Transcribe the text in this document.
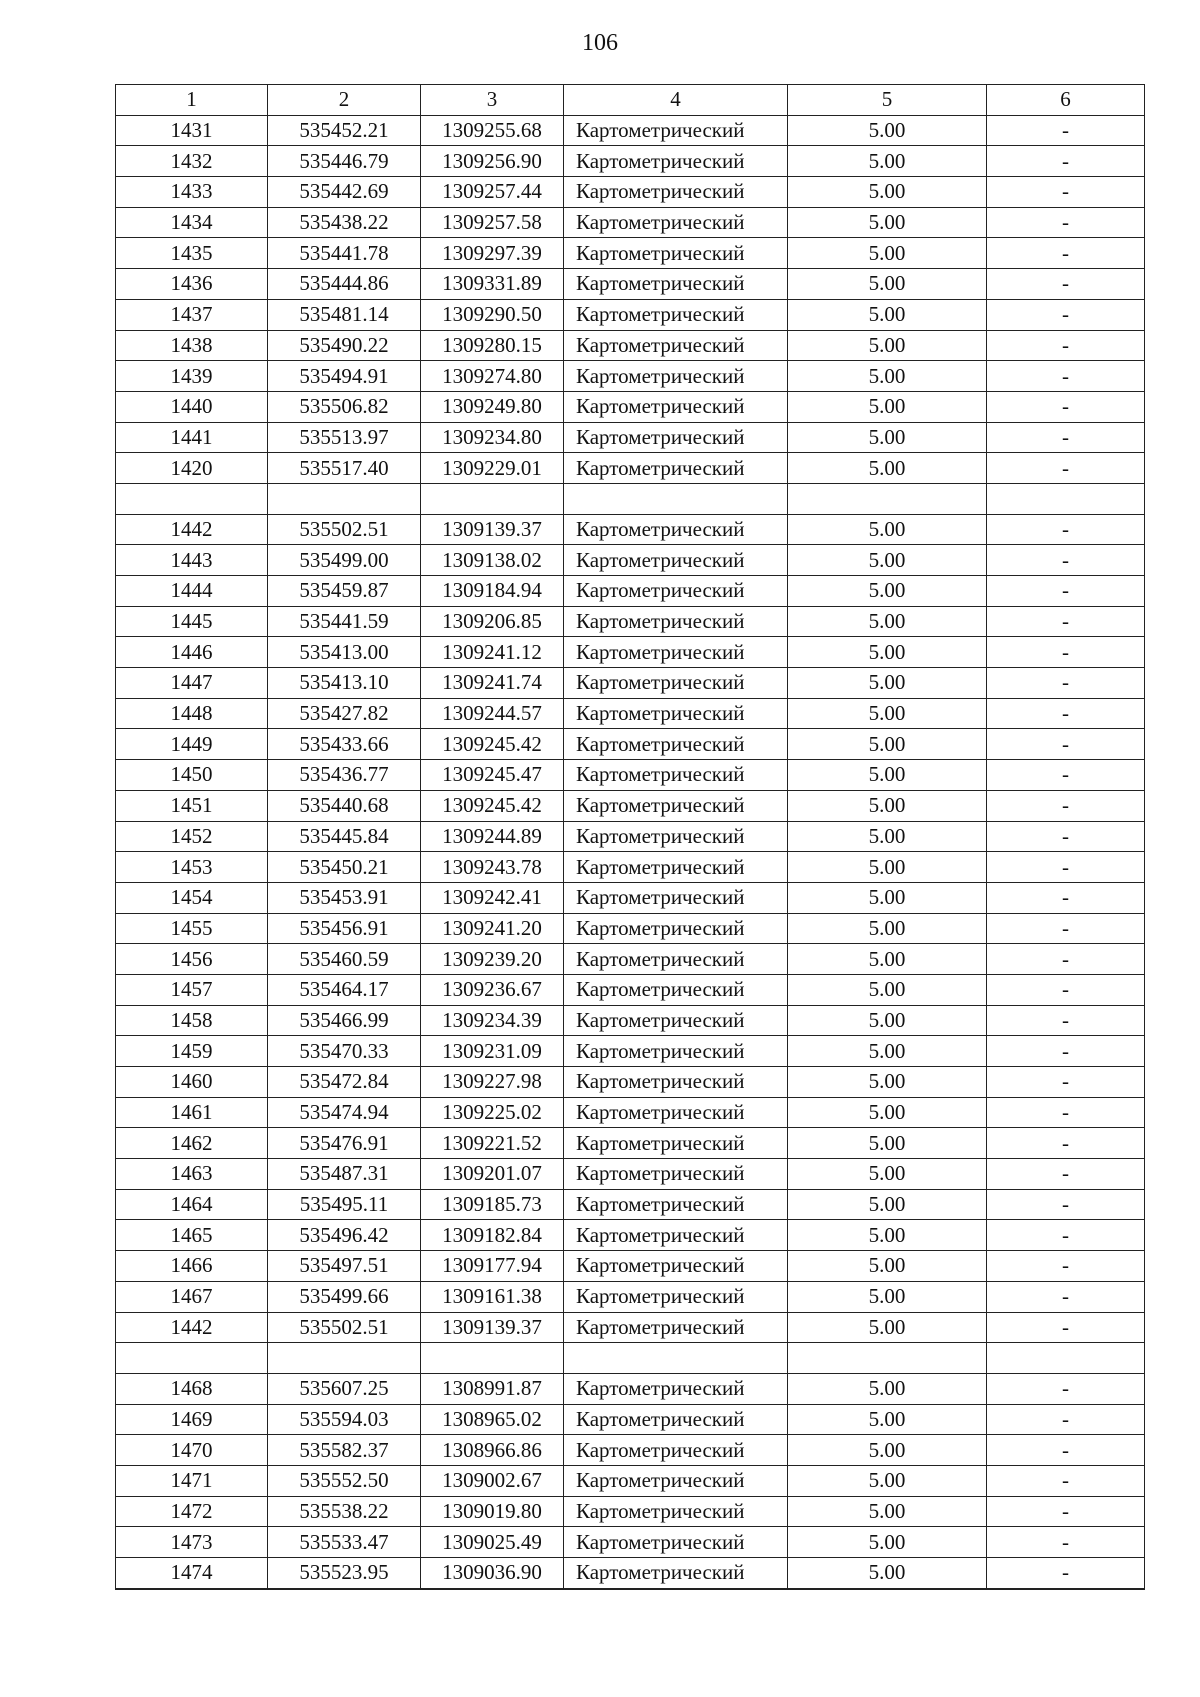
106
1	2	3	4	5	6
1431	535452.21	1309255.68	Картометрический	5.00	-
1432	535446.79	1309256.90	Картометрический	5.00	-
1433	535442.69	1309257.44	Картометрический	5.00	-
1434	535438.22	1309257.58	Картометрический	5.00	-
1435	535441.78	1309297.39	Картометрический	5.00	-
1436	535444.86	1309331.89	Картометрический	5.00	-
1437	535481.14	1309290.50	Картометрический	5.00	-
1438	535490.22	1309280.15	Картометрический	5.00	-
1439	535494.91	1309274.80	Картометрический	5.00	-
1440	535506.82	1309249.80	Картометрический	5.00	-
1441	535513.97	1309234.80	Картометрический	5.00	-
1420	535517.40	1309229.01	Картометрический	5.00	-

1442	535502.51	1309139.37	Картометрический	5.00	-
1443	535499.00	1309138.02	Картометрический	5.00	-
1444	535459.87	1309184.94	Картометрический	5.00	-
1445	535441.59	1309206.85	Картометрический	5.00	-
1446	535413.00	1309241.12	Картометрический	5.00	-
1447	535413.10	1309241.74	Картометрический	5.00	-
1448	535427.82	1309244.57	Картометрический	5.00	-
1449	535433.66	1309245.42	Картометрический	5.00	-
1450	535436.77	1309245.47	Картометрический	5.00	-
1451	535440.68	1309245.42	Картометрический	5.00	-
1452	535445.84	1309244.89	Картометрический	5.00	-
1453	535450.21	1309243.78	Картометрический	5.00	-
1454	535453.91	1309242.41	Картометрический	5.00	-
1455	535456.91	1309241.20	Картометрический	5.00	-
1456	535460.59	1309239.20	Картометрический	5.00	-
1457	535464.17	1309236.67	Картометрический	5.00	-
1458	535466.99	1309234.39	Картометрический	5.00	-
1459	535470.33	1309231.09	Картометрический	5.00	-
1460	535472.84	1309227.98	Картометрический	5.00	-
1461	535474.94	1309225.02	Картометрический	5.00	-
1462	535476.91	1309221.52	Картометрический	5.00	-
1463	535487.31	1309201.07	Картометрический	5.00	-
1464	535495.11	1309185.73	Картометрический	5.00	-
1465	535496.42	1309182.84	Картометрический	5.00	-
1466	535497.51	1309177.94	Картометрический	5.00	-
1467	535499.66	1309161.38	Картометрический	5.00	-
1442	535502.51	1309139.37	Картометрический	5.00	-

1468	535607.25	1308991.87	Картометрический	5.00	-
1469	535594.03	1308965.02	Картометрический	5.00	-
1470	535582.37	1308966.86	Картометрический	5.00	-
1471	535552.50	1309002.67	Картометрический	5.00	-
1472	535538.22	1309019.80	Картометрический	5.00	-
1473	535533.47	1309025.49	Картометрический	5.00	-
1474	535523.95	1309036.90	Картометрический	5.00	-
